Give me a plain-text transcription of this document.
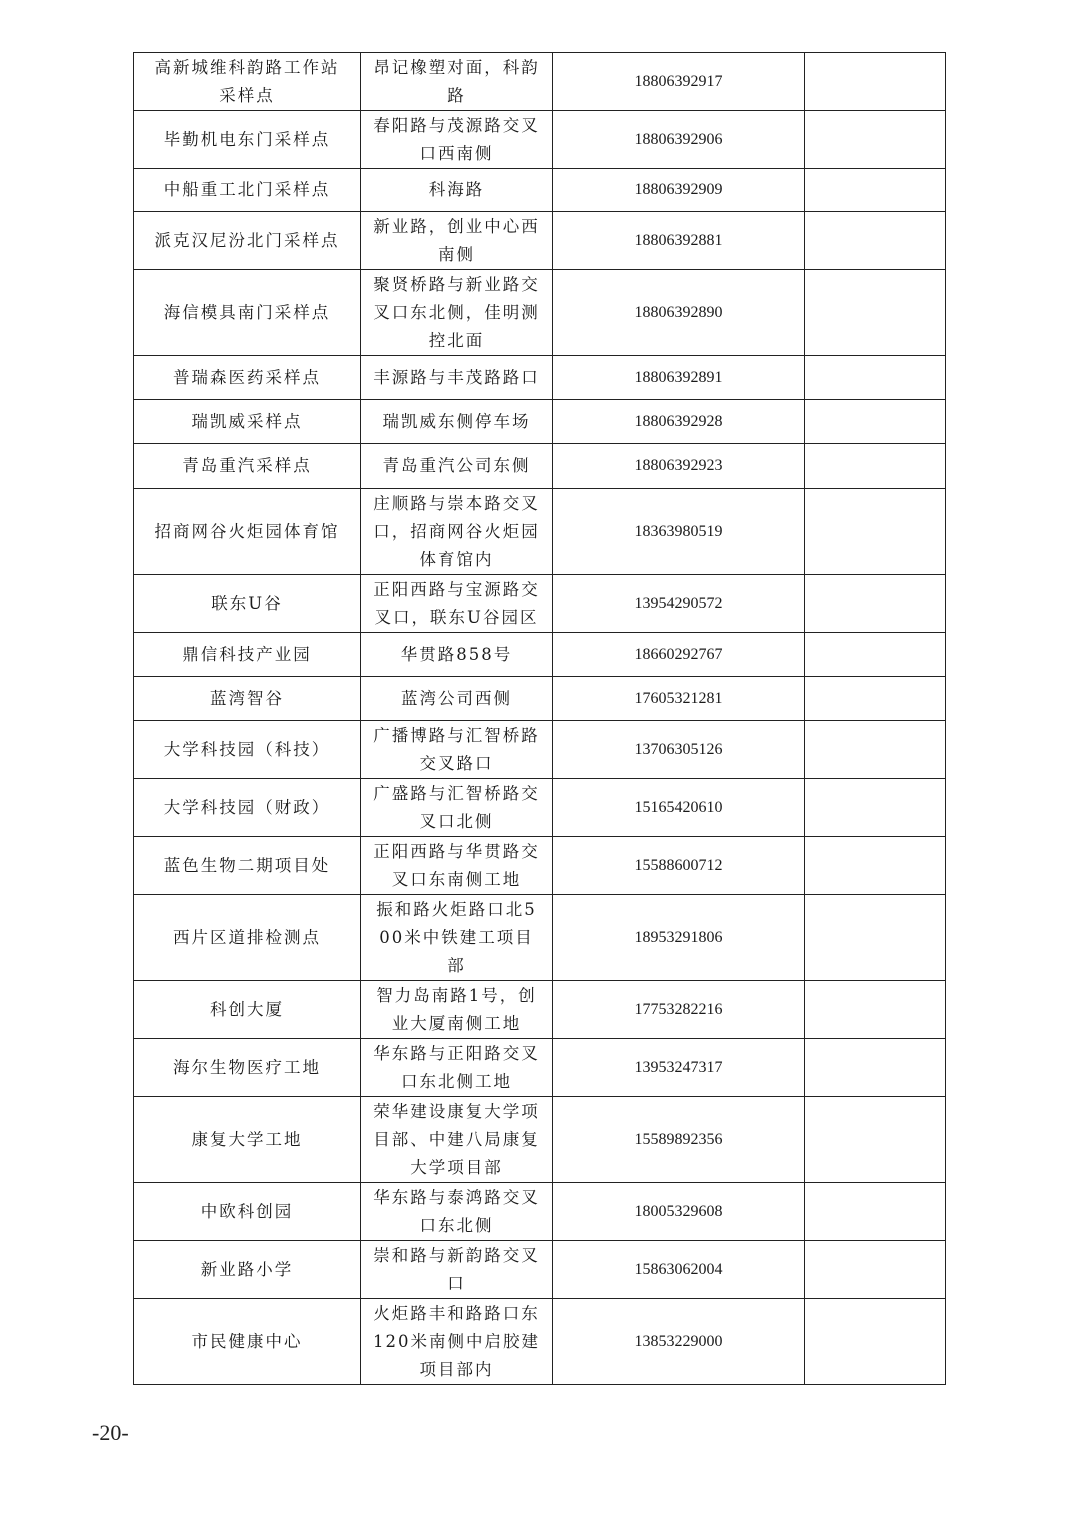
高新城维科韵路工作站采样点	昂记橡塑对面，科韵路	18806392917	
毕勤机电东门采样点	春阳路与茂源路交叉口西南侧	18806392906	
中船重工北门采样点	科海路	18806392909	
派克汉尼汾北门采样点	新业路，创业中心西南侧	18806392881	
海信模具南门采样点	聚贤桥路与新业路交叉口东北侧，佳明测控北面	18806392890	
普瑞森医药采样点	丰源路与丰茂路路口	18806392891	
瑞凯威采样点	瑞凯威东侧停车场	18806392928	
青岛重汽采样点	青岛重汽公司东侧	18806392923	
招商网谷火炬园体育馆	庄顺路与崇本路交叉口，招商网谷火炬园体育馆内	18363980519	
联东U谷	正阳西路与宝源路交叉口，联东U谷园区	13954290572	
鼎信科技产业园	华贯路858号	18660292767	
蓝湾智谷	蓝湾公司西侧	17605321281	
大学科技园（科技）	广播博路与汇智桥路交叉路口	13706305126	
大学科技园（财政）	广盛路与汇智桥路交叉口北侧	15165420610	
蓝色生物二期项目处	正阳西路与华贯路交叉口东南侧工地	15588600712	
西片区道排检测点	振和路火炬路口北500米中铁建工项目部	18953291806	
科创大厦	智力岛南路1号，创业大厦南侧工地	17753282216	
海尔生物医疗工地	华东路与正阳路交叉口东北侧工地	13953247317	
康复大学工地	荣华建设康复大学项目部、中建八局康复大学项目部	15589892356	
中欧科创园	华东路与泰鸿路交叉口东北侧	18005329608	
新业路小学	崇和路与新韵路交叉口	15863062004	
市民健康中心	火炬路丰和路路口东120米南侧中启胶建项目部内	13853229000	
-20-
